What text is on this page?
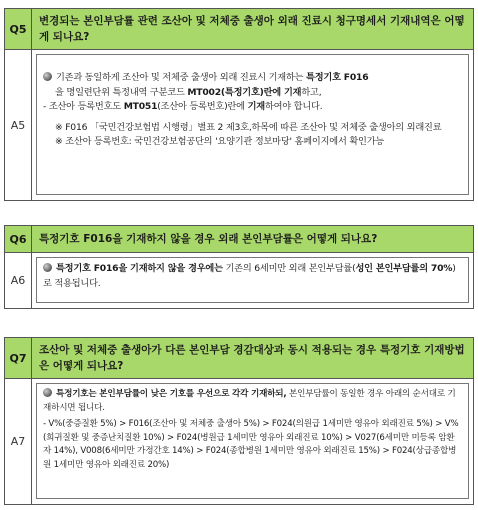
Q5
변경되는 본인부담률 관련 조산아 및 저체중 출생아 외래 진료시 청구명세서 기재내역은 어떻게 되나요?
A5

기존과 동일하게 조산아 및 저체중 출생아 외래 진료시 기재하는 특정기호 F016

을 명일련단위 특정내역 구분코드 MT002(특정기호)란에 기재하고,

- 조산아 등록번호도 MT051(조산아 등록번호)란에 기재하여야 합니다.

※ F016 「국민건강보험법 시행령」별표 2 제3호,하목에 따른 조산아 및 저체중 출생아의 외래진료

※ 조산아 등록번호: 국민건강보험공단의 '요양기관 정보마당' 홈페이지에서 확인가능

Q6	특정기호 F016을 기재하지 않을 경우 외래 본인부담률은 어떻게 되나요?
A6

특정기호 F016을 기재하지 않을 경우에는 기존의 6세미만 외래 본인부담률(성인 본인부담률의 70%)로 적용됩니다.

Q7
조산아 및 저체중 출생아가 다른 본인부담 경감대상과 동시 적용되는 경우 특정기호 기재방법은 어떻게 되나요?
A7

특정기호는 본인부담률이 낮은 기호를 우선으로 각각 기재하되, 본인부담률이 동일한 경우 아래의 순서대로 기재하시면 됩니다.

- V%(중증질환 5%) > F016(조산아 및 저체중 출생아 5%) > F024(의원급 1세미만 영유아 외래진료 5%) > V%(희귀질환 및 중증난치질환 10%) > F024(병원급 1세미만 영유아 외래진료 10%) > V027(6세미만 미등록 암환자 14%), V008(6세미만 가정간호 14%) > F024(종합병원 1세미만 영유아 외래진료 15%) > F024(상급종합병원 1세미만 영유아 외래진료 20%)
